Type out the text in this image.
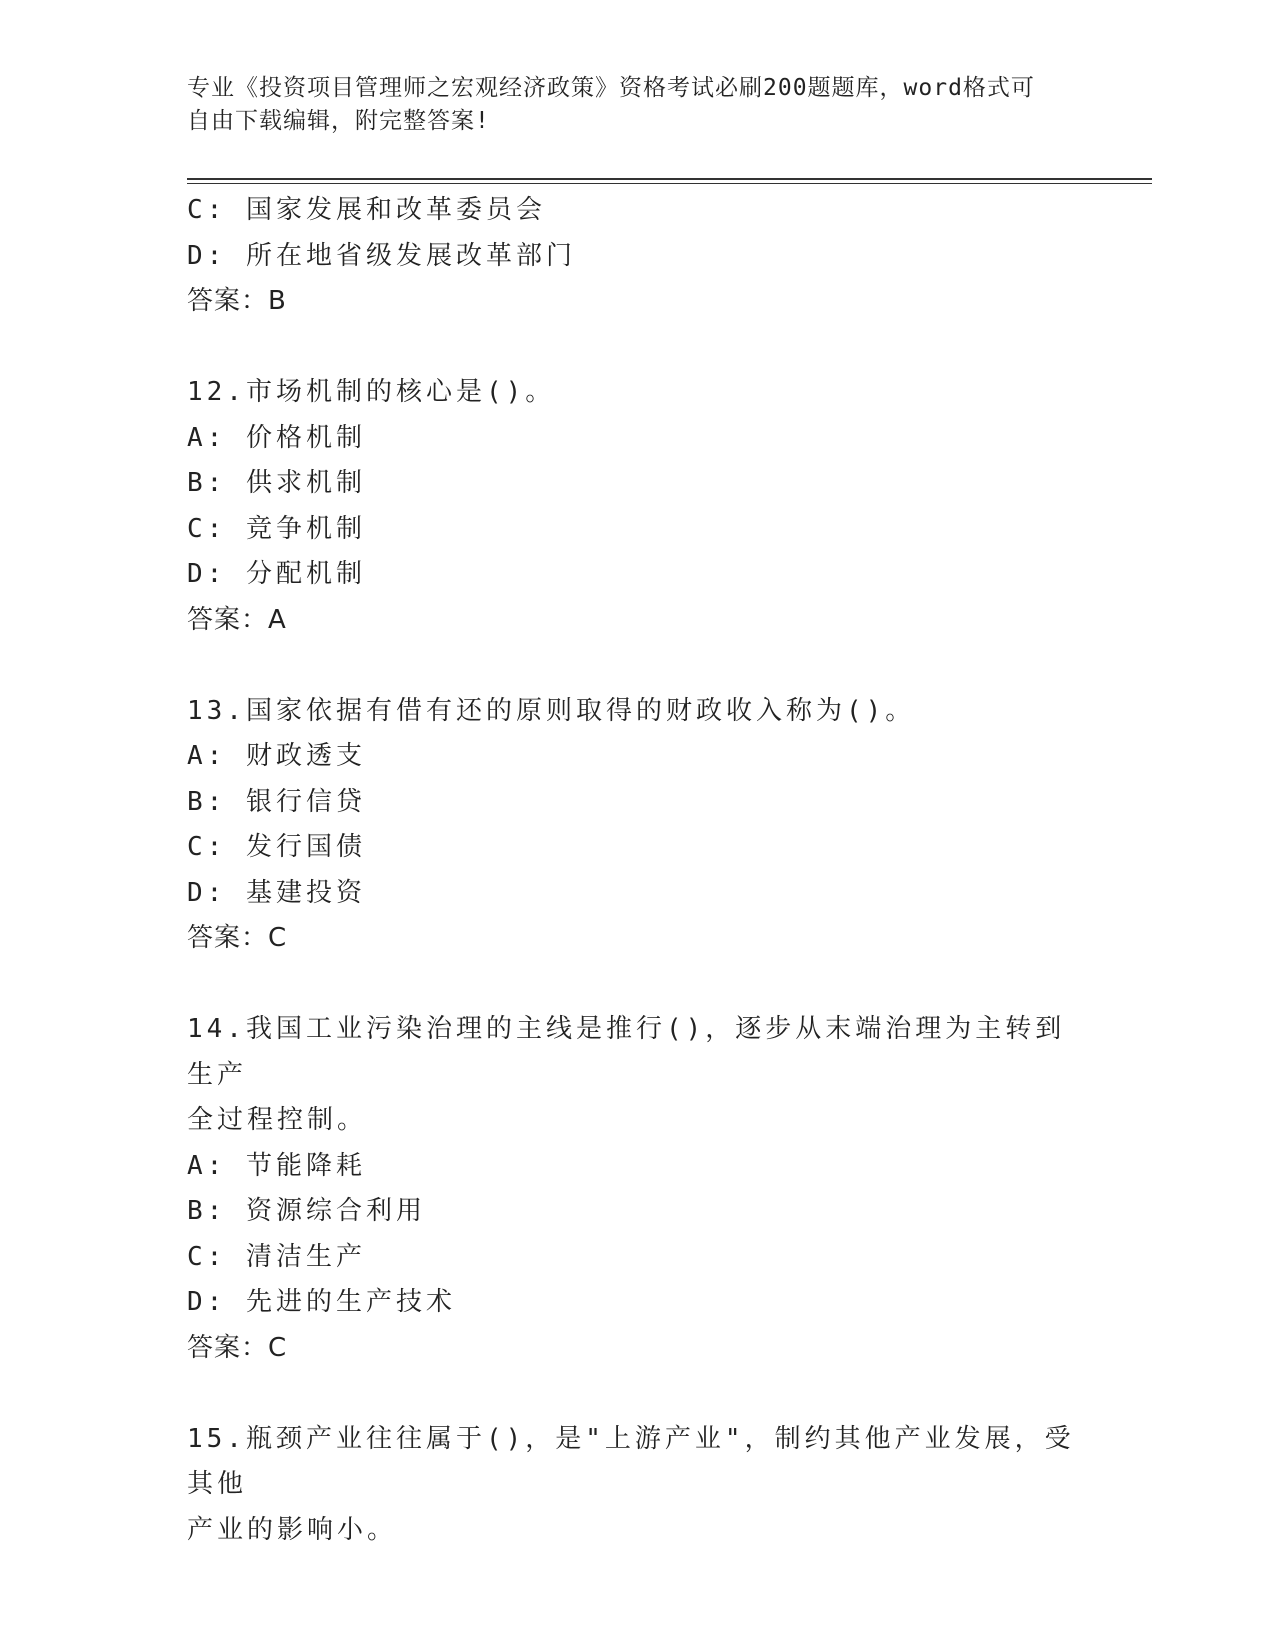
专业《投资项目管理师之宏观经济政策》资格考试必刷200题题库，word格式可
自由下载编辑，附完整答案!
C: 国家发展和改革委员会
D: 所在地省级发展改革部门
答案：B
12.市场机制的核心是()。
A: 价格机制
B: 供求机制
C: 竞争机制
D: 分配机制
答案：A
13.国家依据有借有还的原则取得的财政收入称为()。
A: 财政透支
B: 银行信贷
C: 发行国债
D: 基建投资
答案：C
14.我国工业污染治理的主线是推行()，逐步从末端治理为主转到生产
全过程控制。
A: 节能降耗
B: 资源综合利用
C: 清洁生产
D: 先进的生产技术
答案：C
15.瓶颈产业往往属于()，是"上游产业"，制约其他产业发展，受其他
产业的影响小。
